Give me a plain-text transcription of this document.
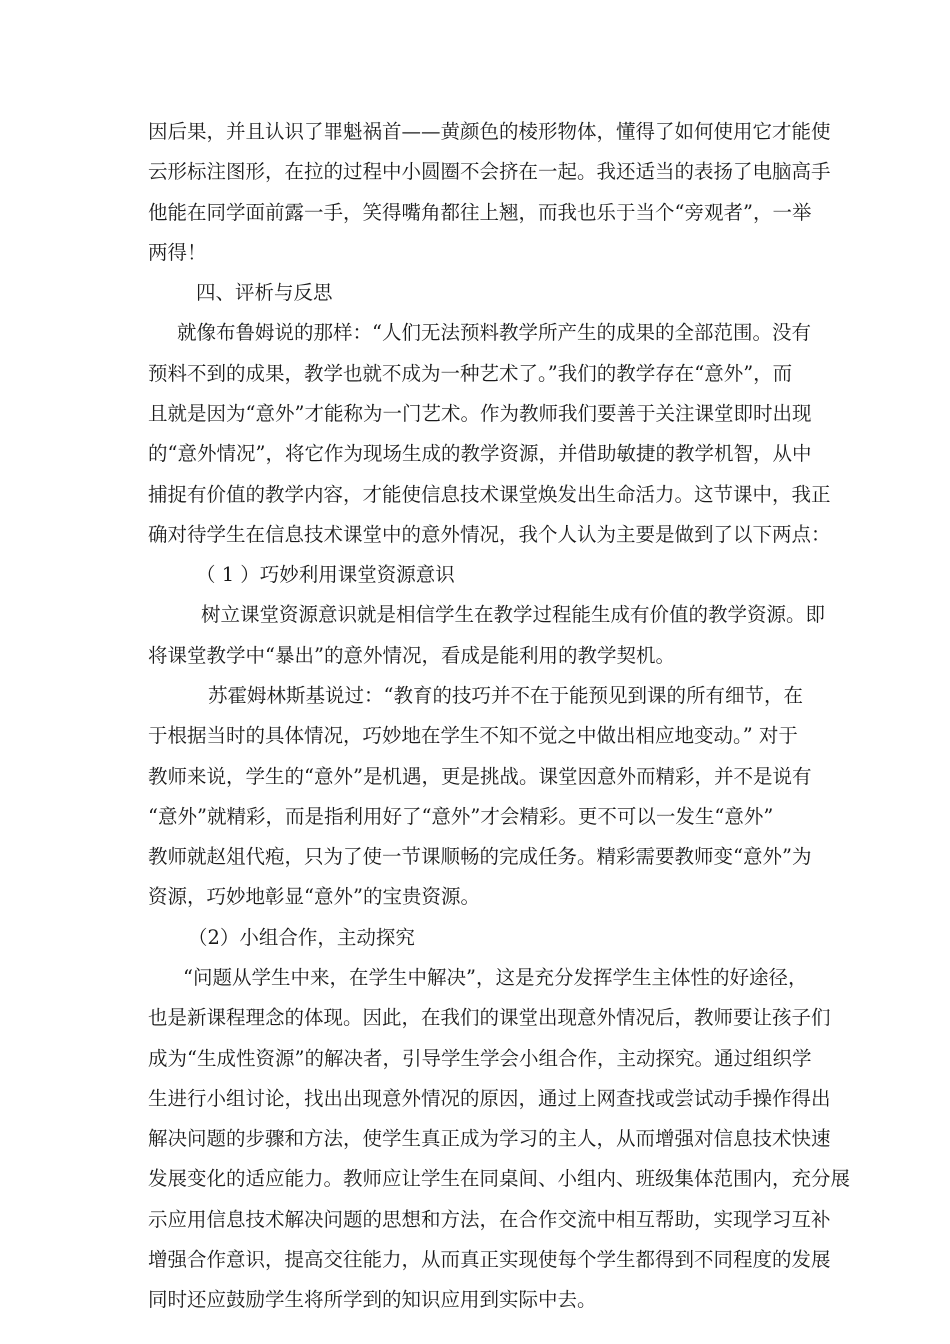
因后果，并且认识了罪魁祸首——黄颜色的棱形物体，懂得了如何使用它才能使

云形标注图形，在拉的过程中小圆圈不会挤在一起。我还适当的表扬了电脑高手

他能在同学面前露一手，笑得嘴角都往上翘，而我也乐于当个“旁观者”，一举

两得！

四、评析与反思

就像布鲁姆说的那样：“人们无法预料教学所产生的成果的全部范围。没有

预料不到的成果，教学也就不成为一种艺术了。”我们的教学存在“意外”，而

且就是因为“意外”才能称为一门艺术。作为教师我们要善于关注课堂即时出现

的“意外情况”，将它作为现场生成的教学资源，并借助敏捷的教学机智，从中

捕捉有价值的教学内容，才能使信息技术课堂焕发出生命活力。这节课中，我正

确对待学生在信息技术课堂中的意外情况，我个人认为主要是做到了以下两点：

（ 1 ）巧妙利用课堂资源意识

树立课堂资源意识就是相信学生在教学过程能生成有价值的教学资源。即

将课堂教学中“暴出”的意外情况，看成是能利用的教学契机。

苏霍姆林斯基说过：“教育的技巧并不在于能预见到课的所有细节，在

于根据当时的具体情况，巧妙地在学生不知不觉之中做出相应地变动。” 对于

教师来说，学生的“意外”是机遇，更是挑战。课堂因意外而精彩，并不是说有

“意外”就精彩，而是指利用好了“意外”才会精彩。更不可以一发生“意外”

教师就赵俎代疱，只为了使一节课顺畅的完成任务。精彩需要教师变“意外”为

资源，巧妙地彰显“意外”的宝贵资源。

（2）小组合作，主动探究

“问题从学生中来，在学生中解决”，这是充分发挥学生主体性的好途径，

也是新课程理念的体现。因此，在我们的课堂出现意外情况后，教师要让孩子们

成为“生成性资源”的解决者，引导学生学会小组合作，主动探究。通过组织学

生进行小组讨论，找出出现意外情况的原因，通过上网查找或尝试动手操作得出

解决问题的步骤和方法，使学生真正成为学习的主人，从而增强对信息技术快速

发展变化的适应能力。教师应让学生在同桌间、小组内、班级集体范围内，充分展

示应用信息技术解决问题的思想和方法，在合作交流中相互帮助，实现学习互补

增强合作意识，提高交往能力，从而真正实现使每个学生都得到不同程度的发展

同时还应鼓励学生将所学到的知识应用到实际中去。
